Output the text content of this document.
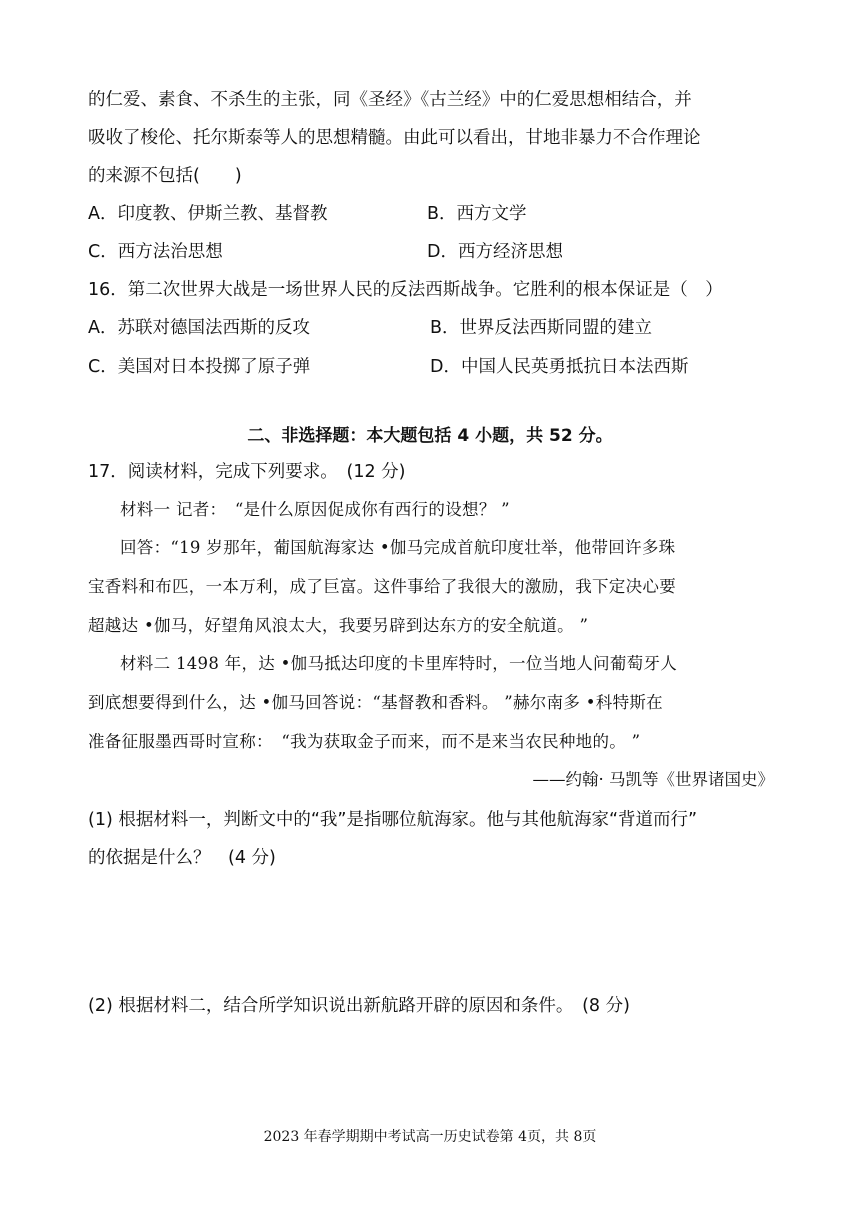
的仁爱、素食、不杀生的主张，同《圣经》《古兰经》中的仁爱思想相结合，并
吸收了梭伦、托尔斯泰等人的思想精髓。由此可以看出，甘地非暴力不合作理论
的来源不包括(　　)
A．印度教、伊斯兰教、基督教	B．西方文学
C．西方法治思想	D．西方经济思想
16．第二次世界大战是一场世界人民的反法西斯战争。它胜利的根本保证是（　）
A．苏联对德国法西斯的反攻	B．世界反法西斯同盟的建立
C．美国对日本投掷了原子弹	D．中国人民英勇抵抗日本法西斯
二、非选择题：本大题包括 4 小题，共 52 分。
17．阅读材料，完成下列要求。　(12 分)
材料一 记者：　“是什么原因促成你有西行的设想？ ”
回答：“19 岁那年，葡国航海家达 •伽马完成首航印度壮举，他带回许多珠
宝香料和布匹，一本万利，成了巨富。这件事给了我很大的激励，我下定决心要
超越达 •伽马，好望角风浪太大，我要另辟到达东方的安全航道。 ”
材料二 1498 年，达 •伽马抵达印度的卡里库特时，一位当地人问葡萄牙人
到底想要得到什么，达 •伽马回答说：“基督教和香料。 ”赫尔南多 •科特斯在
准备征服墨西哥时宣称：　“我为获取金子而来，而不是来当农民种地的。 ”
——约翰· 马凯等《世界诸国史》
(1) 根据材料一，判断文中的“我”是指哪位航海家。他与其他航海家“背道而行”
的依据是什么？　(4 分)
(2) 根据材料二，结合所学知识说出新航路开辟的原因和条件。　(8 分)
2023 年春学期期中考试高一历史试卷第 4页，共 8页
